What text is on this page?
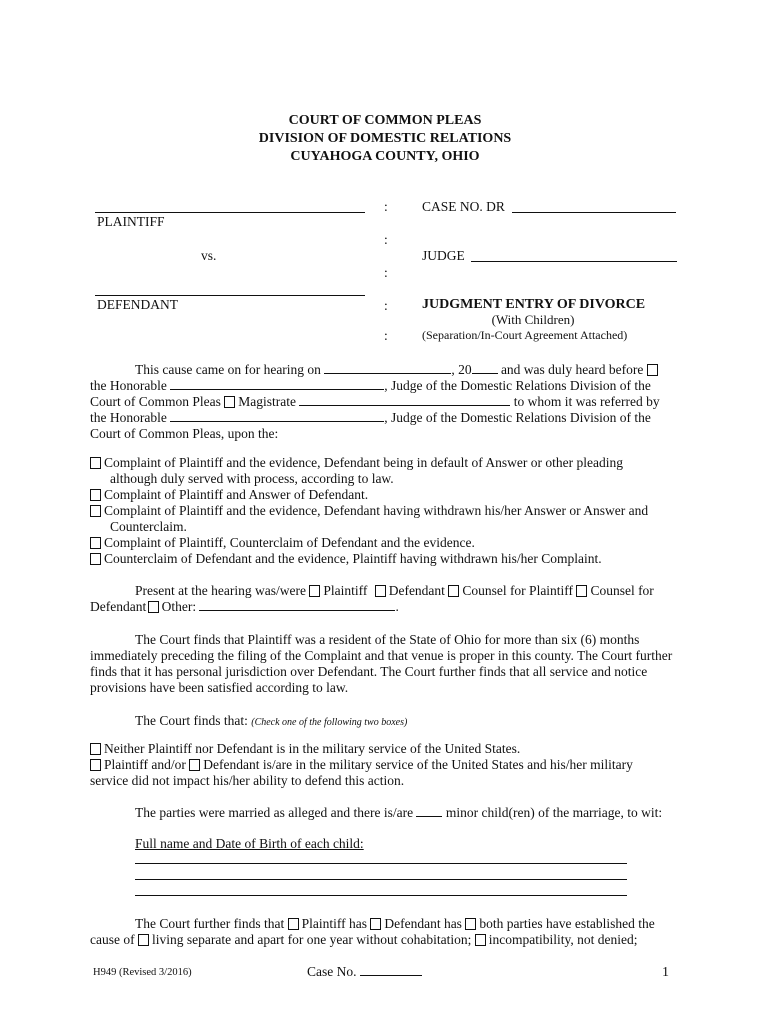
COURT OF COMMON PLEAS
DIVISION OF DOMESTIC RELATIONS
CUYAHOGA COUNTY, OHIO
PLAINTIFF
vs.
DEFENDANT
:
:
:
:
:
CASE NO. DR
JUDGE
JUDGMENT ENTRY OF DIVORCE
(With Children)
(Separation/In-Court Agreement Attached)
This cause came on for hearing on	, 20 and was duly heard before
the Honorable	, Judge of the Domestic Relations Division of the
Court of Common Pleas Magistrate	to whom it was referred by
the Honorable	, Judge of the Domestic Relations Division of the
Court of Common Pleas, upon the:
Complaint of Plaintiff and the evidence, Defendant being in default of Answer or other pleading
although duly served with process, according to law.
Complaint of Plaintiff and Answer of Defendant.
Complaint of Plaintiff and the evidence, Defendant having withdrawn his/her Answer or Answer and
Counterclaim.
Complaint of Plaintiff, Counterclaim of Defendant and the evidence.
Counterclaim of Defendant and the evidence, Plaintiff having withdrawn his/her Complaint.
Present at the hearing was/were Plaintiff Defendant Counsel for Plaintiff Counsel for
Defendant Other:	.
The Court finds that Plaintiff was a resident of the State of Ohio for more than six (6) months
immediately preceding the filing of the Complaint and that venue is proper in this county. The Court further
finds that it has personal jurisdiction over Defendant. The Court further finds that all service and notice
provisions have been satisfied according to law.
The Court finds that: (Check one of the following two boxes)
Neither Plaintiff nor Defendant is in the military service of the United States.
Plaintiff and/or Defendant is/are in the military service of the United States and his/her military
service did not impact his/her ability to defend this action.
The parties were married as alleged and there is/are minor child(ren) of the marriage, to wit:
Full name and Date of Birth of each child:
The Court further finds that Plaintiff has Defendant has both parties have established the
cause of living separate and apart for one year without cohabitation; incompatibility, not denied;
H949 (Revised 3/2016)	Case No.	1
